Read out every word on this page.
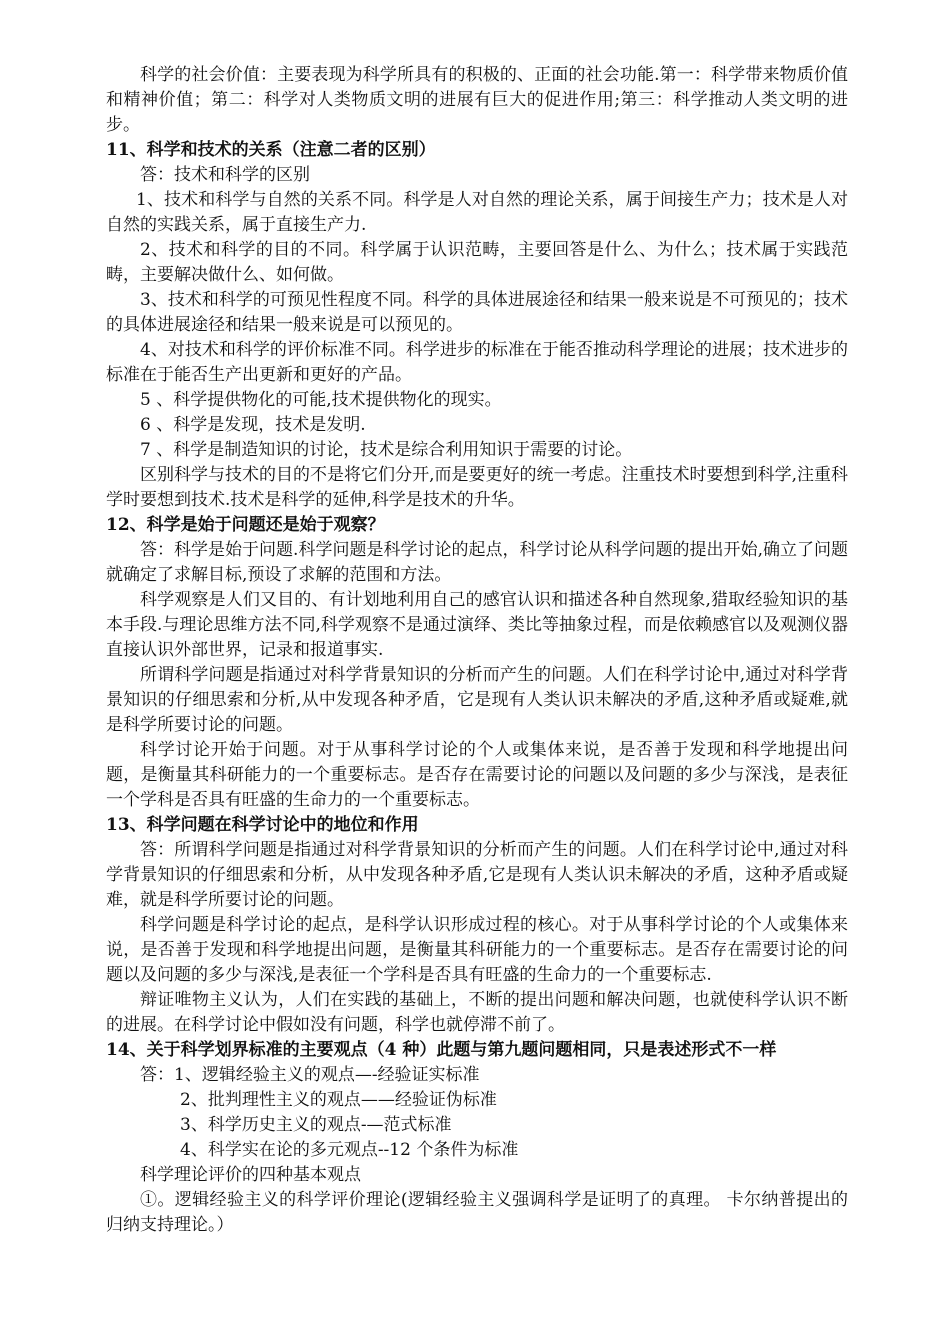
科学的社会价值：主要表现为科学所具有的积极的、正面的社会功能.第一：科学带来物质价值和精神价值；第二：科学对人类物质文明的进展有巨大的促进作用;第三：科学推动人类文明的进步。

11、科学和技术的关系（注意二者的区别）

答：技术和科学的区别

1、技术和科学与自然的关系不同。科学是人对自然的理论关系，属于间接生产力；技术是人对自然的实践关系，属于直接生产力.

2、技术和科学的目的不同。科学属于认识范畴，主要回答是什么、为什么；技术属于实践范畴，主要解决做什么、如何做。

3、技术和科学的可预见性程度不同。科学的具体进展途径和结果一般来说是不可预见的；技术的具体进展途径和结果一般来说是可以预见的。

4、对技术和科学的评价标准不同。科学进步的标准在于能否推动科学理论的进展；技术进步的标准在于能否生产出更新和更好的产品。

5 、科学提供物化的可能,技术提供物化的现实。

6 、科学是发现，技术是发明.

7 、科学是制造知识的讨论，技术是综合利用知识于需要的讨论。

区别科学与技术的目的不是将它们分开,而是要更好的统一考虑。注重技术时要想到科学,注重科学时要想到技术.技术是科学的延伸,科学是技术的升华。

12、科学是始于问题还是始于观察？

答：科学是始于问题.科学问题是科学讨论的起点，科学讨论从科学问题的提出开始,确立了问题就确定了求解目标,预设了求解的范围和方法。

科学观察是人们又目的、有计划地利用自己的感官认识和描述各种自然现象,猎取经验知识的基本手段.与理论思维方法不同,科学观察不是通过演绎、类比等抽象过程，而是依赖感官以及观测仪器直接认识外部世界，记录和报道事实.

所谓科学问题是指通过对科学背景知识的分析而产生的问题。人们在科学讨论中,通过对科学背景知识的仔细思索和分析,从中发现各种矛盾，它是现有人类认识未解决的矛盾,这种矛盾或疑难,就是科学所要讨论的问题。

科学讨论开始于问题。对于从事科学讨论的个人或集体来说，是否善于发现和科学地提出问题，是衡量其科研能力的一个重要标志。是否存在需要讨论的问题以及问题的多少与深浅，是表征一个学科是否具有旺盛的生命力的一个重要标志。

13、科学问题在科学讨论中的地位和作用

答：所谓科学问题是指通过对科学背景知识的分析而产生的问题。人们在科学讨论中,通过对科学背景知识的仔细思索和分析，从中发现各种矛盾,它是现有人类认识未解决的矛盾，这种矛盾或疑难，就是科学所要讨论的问题。

科学问题是科学讨论的起点，是科学认识形成过程的核心。对于从事科学讨论的个人或集体来说，是否善于发现和科学地提出问题，是衡量其科研能力的一个重要标志。是否存在需要讨论的问题以及问题的多少与深浅,是表征一个学科是否具有旺盛的生命力的一个重要标志.

辩证唯物主义认为，人们在实践的基础上，不断的提出问题和解决问题，也就使科学认识不断的进展。在科学讨论中假如没有问题，科学也就停滞不前了。

14、关于科学划界标准的主要观点（4 种）此题与第九题问题相同，只是表述形式不一样

答：1、逻辑经验主义的观点—-经验证实标准

2、批判理性主义的观点——经验证伪标准

3、科学历史主义的观点-—范式标准

4、科学实在论的多元观点--12 个条件为标准

科学理论评价的四种基本观点

①。逻辑经验主义的科学评价理论(逻辑经验主义强调科学是证明了的真理。 卡尔纳普提出的归纳支持理论。）
